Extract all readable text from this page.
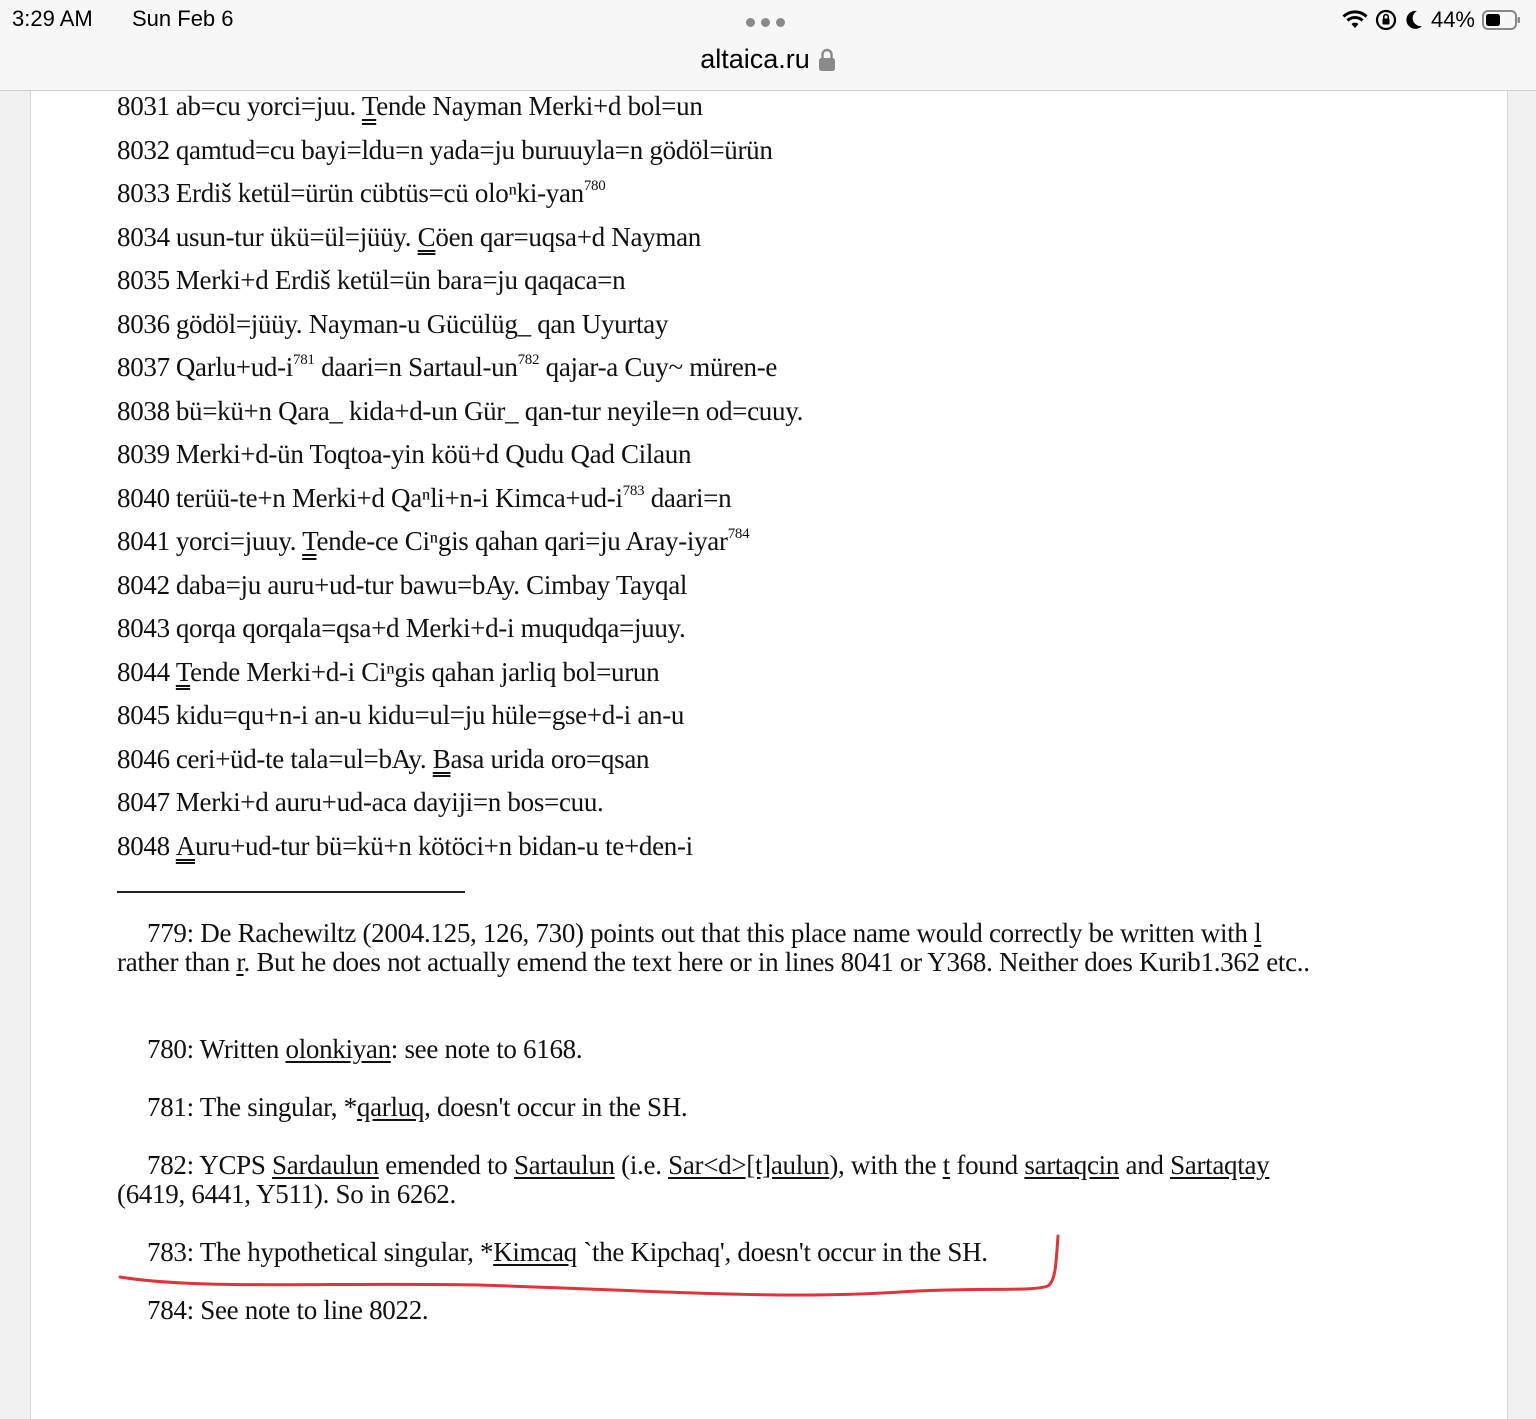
3:29 AM Sun Feb 6	44%
altaica.ru
8031 ab=cu yorci=juu. Tende Nayman Merki+d bol=un
8032 qamtud=cu bayi=ldu=n yada=ju buruuyla=n gödöl=ürün
8033 Erdiš ketül=ürün cübtüs=cü oloⁿki-yan$^{780}$
8034 usun-tur ükü=ül=jüüy. Cöen qar=uqsa+d Nayman
8035 Merki+d Erdiš ketül=ün bara=ju qaqaca=n
8036 gödöl=jüüy. Nayman-u Gücülüg_ qan Uyurtay
8037 $Qarlu+ud-i^{781}$ daari=n Sartaul-$un^{782}$ qajar-a Cuy~ müren-e
8038 bü=kü+n Qara_ kida+d-un Gür_ qan-tur neyile=n od=cuuy.
8039 Merki+d-ün Toqtoa-yin köü+d Qudu Qad Cilaun
8040 terüü-te+n Merki+d Qaⁿli+n-i $Kimca+ud-i^{783}$ daari=n
8041 yorci=juuy. Tende-ce Ciⁿgis qahan qari=ju Aray-iyar$^{784}$
8042 daba=ju auru+ud-tur bawu=bAy. Cimbay Tayqal
8043 qorqa qorqala=qsa+d Merki+d-i muqudqa=juuy.
8044 Tende Merki+d-i Ciⁿgis qahan jarliq bol=urun
8045 kidu=qu+n-i an-u kidu=ul=ju hüle=gse+d-i an-u
8046 ceri+üd-te tala=ul=bAy. Basa urida oro=qsan
8047 Merki+d auru+ud-aca dayiji=n bos=cuu.
8048 Auru+ud-tur bü=kü+n kötöci+n bidan-u te+den-i

779: De Rachewiltz (2004.125, 126, 730) points out that this place name would correctly be written with l rather than r. But he does not actually emend the text here or in lines 8041 or Y368. Neither does Kurib1.362 etc..

780: Written olonkiyan: see note to 6168.

781: The singular, *qarluq, doesn't occur in the SH.

782: YCPS Sardaulun emended to Sartaulun (i.e. Sar<d>[t]aulun), with the t found sartaqcin and Sartaqtay (6419, 6441, Y511). So in 6262.

783: The hypothetical singular, *Kimcaq `the Kipchaq', doesn't occur in the SH.

784: See note to line 8022.
